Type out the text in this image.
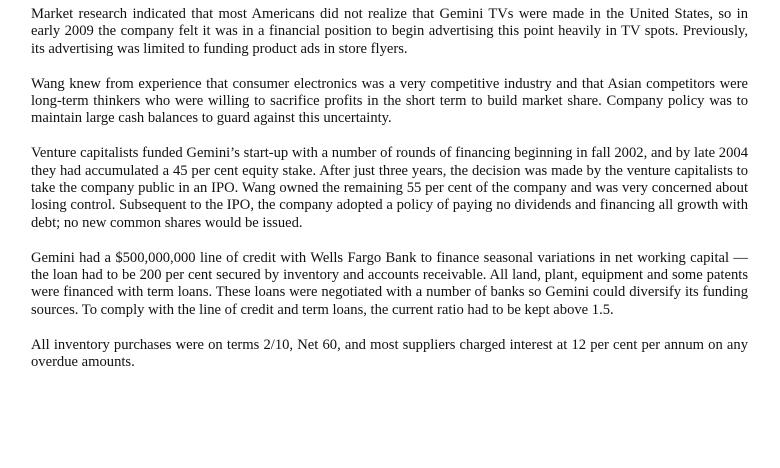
Market research indicated that most Americans did not realize that Gemini TVs were made in the United States, so in early 2009 the company felt it was in a financial position to begin advertising this point heavily in TV spots. Previously, its advertising was limited to funding product ads in store flyers.

Wang knew from experience that consumer electronics was a very competitive industry and that Asian competitors were long-term thinkers who were willing to sacrifice profits in the short term to build market share. Company policy was to maintain large cash balances to guard against this uncertainty.

Venture capitalists funded Gemini’s start-up with a number of rounds of financing beginning in fall 2002, and by late 2004 they had accumulated a 45 per cent equity stake. After just three years, the decision was made by the venture capitalists to take the company public in an IPO. Wang owned the remaining 55 per cent of the company and was very concerned about losing control. Subsequent to the IPO, the company adopted a policy of paying no dividends and financing all growth with debt; no new common shares would be issued.

Gemini had a $500,000,000 line of credit with Wells Fargo Bank to finance seasonal variations in net working capital — the loan had to be 200 per cent secured by inventory and accounts receivable. All land, plant, equipment and some patents were financed with term loans. These loans were negotiated with a number of banks so Gemini could diversify its funding sources. To comply with the line of credit and term loans, the current ratio had to be kept above 1.5.

All inventory purchases were on terms 2/10, Net 60, and most suppliers charged interest at 12 per cent per annum on any overdue amounts.
